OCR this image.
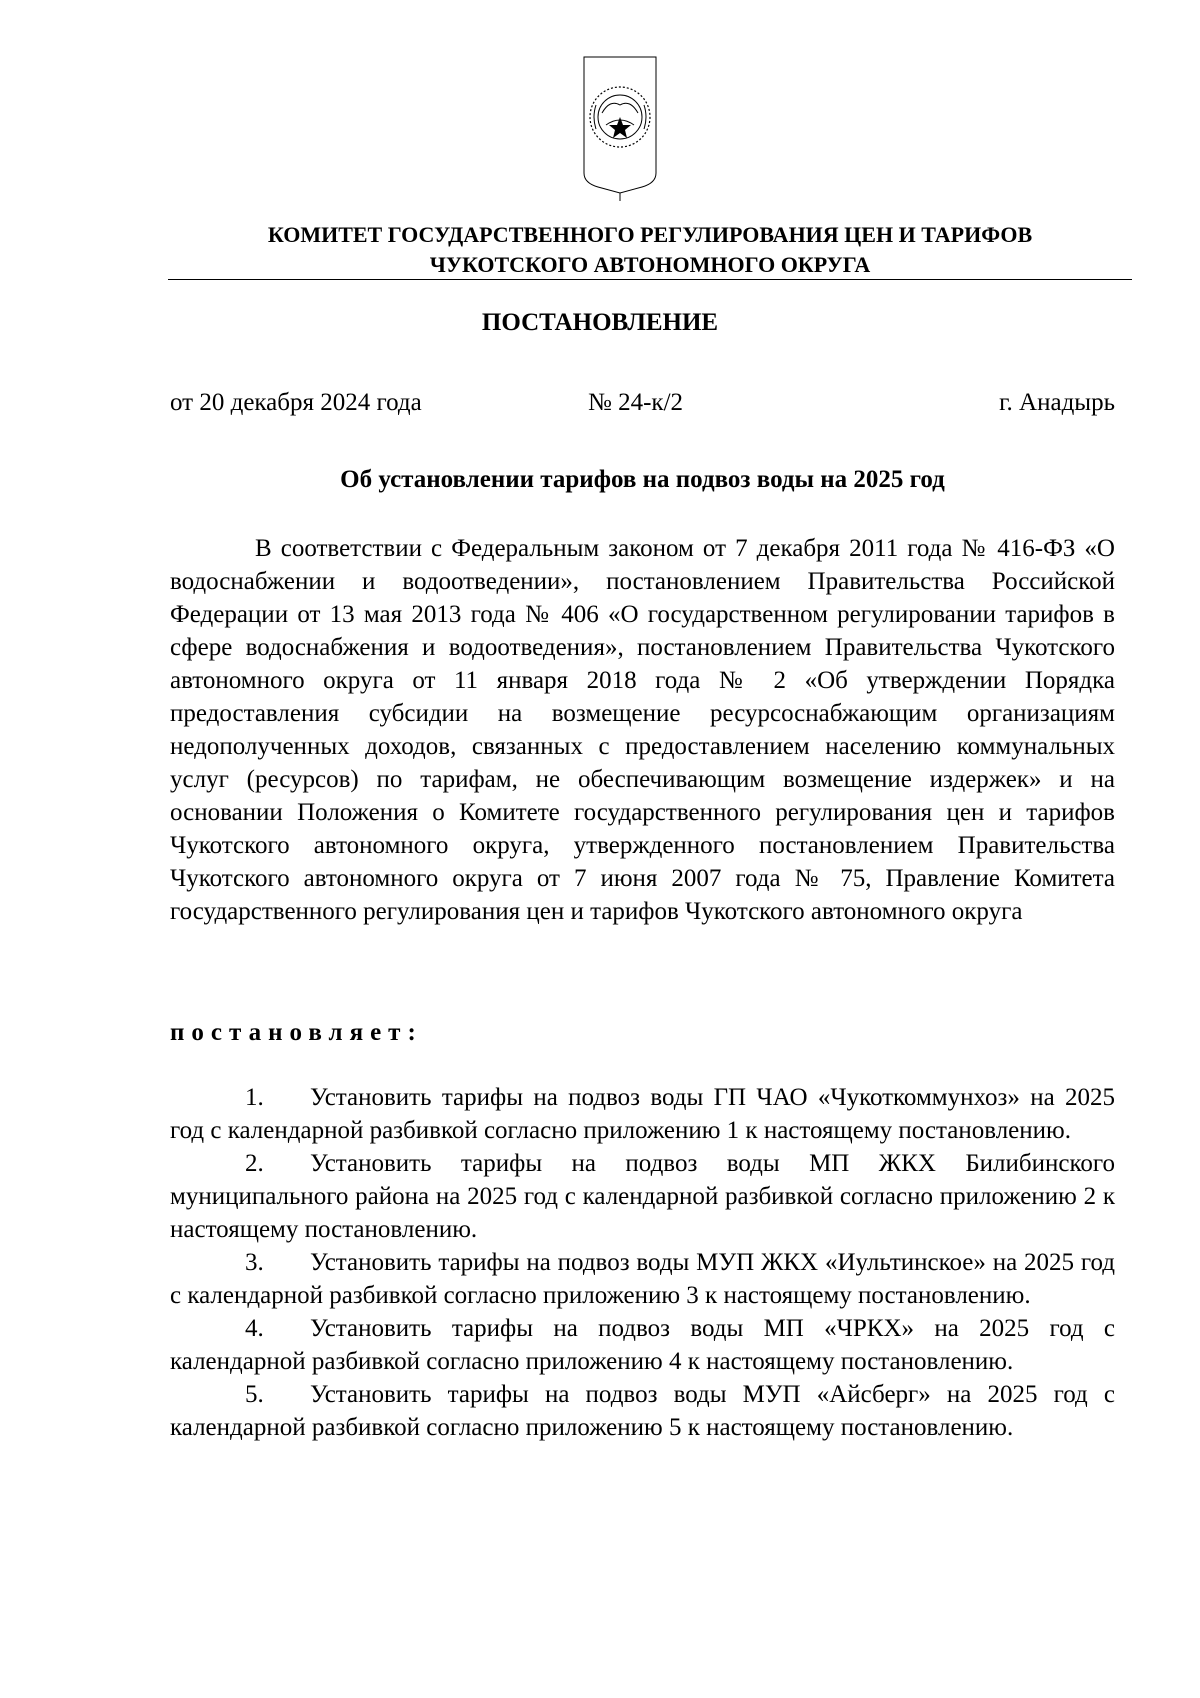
КОМИТЕТ ГОСУДАРСТВЕННОГО РЕГУЛИРОВАНИЯ ЦЕН И ТАРИФОВ
ЧУКОТСКОГО АВТОНОМНОГО ОКРУГА
ПОСТАНОВЛЕНИЕ
от 20 декабря 2024 года	№ 24-к/2	г. Анадырь
Об установлении тарифов на подвоз воды на 2025 год
В соответствии с Федеральным законом от 7 декабря 2011 года № 416-ФЗ «О водоснабжении и водоотведении», постановлением Правительства Российской Федерации от 13 мая 2013 года № 406 «О государственном регулировании тарифов в сфере водоснабжения и водоотведения», постановлением Правительства Чукотского автономного округа от 11 января 2018 года № 2 «Об утверждении Порядка предоставления субсидии на возмещение ресурсоснабжающим организациям недополученных доходов, связанных с предоставлением населению коммунальных услуг (ресурсов) по тарифам, не обеспечивающим возмещение издержек» и на основании Положения о Комитете государственного регулирования цен и тарифов Чукотского автономного округа, утвержденного постановлением Правительства Чукотского автономного округа от 7 июня 2007 года № 75, Правление Комитета государственного регулирования цен и тарифов Чукотского автономного округа
постановляет:

1. Установить тарифы на подвоз воды ГП ЧАО «Чукоткоммунхоз» на 2025 год с календарной разбивкой согласно приложению 1 к настоящему постановлению.

2. Установить тарифы на подвоз воды МП ЖКХ Билибинского муниципального района на 2025 год с календарной разбивкой согласно приложению 2 к настоящему постановлению.

3. Установить тарифы на подвоз воды МУП ЖКХ «Иультинское» на 2025 год с календарной разбивкой согласно приложению 3 к настоящему постановлению.

4. Установить тарифы на подвоз воды МП «ЧРКХ» на 2025 год с календарной разбивкой согласно приложению 4 к настоящему постановлению.

5. Установить тарифы на подвоз воды МУП «Айсберг» на 2025 год с календарной разбивкой согласно приложению 5 к настоящему постановлению.
